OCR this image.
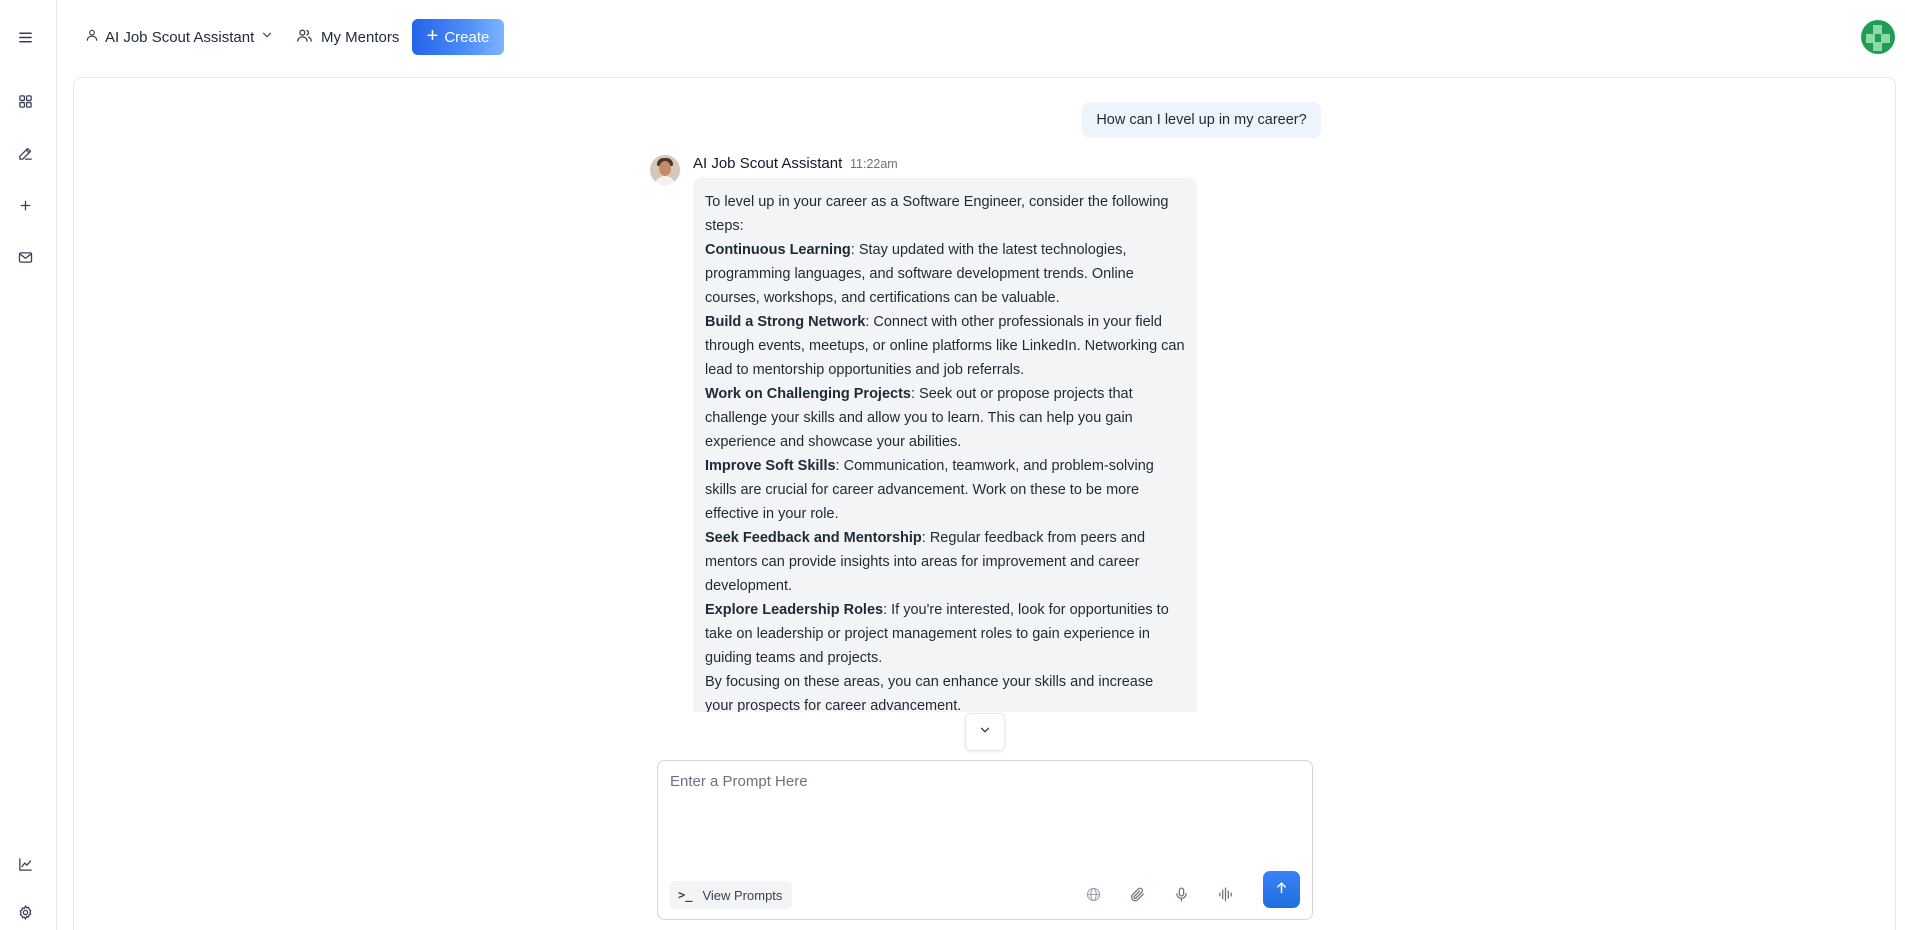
AI Job Scout Assistant	My Mentors + Create
How can I level up in my career?
AI Job Scout Assistant 11:22am

To level up in your career as a Software Engineer, consider the following steps:

Continuous Learning: Stay updated with the latest technologies, programming languages, and software development trends. Online courses, workshops, and certifications can be valuable.

Build a Strong Network: Connect with other professionals in your field through events, meetups, or online platforms like LinkedIn. Networking can lead to mentorship opportunities and job referrals.

Work on Challenging Projects: Seek out or propose projects that challenge your skills and allow you to learn. This can help you gain experience and showcase your abilities.

Improve Soft Skills: Communication, teamwork, and problem-solving skills are crucial for career advancement. Work on these to be more effective in your role.

Seek Feedback and Mentorship: Regular feedback from peers and mentors can provide insights into areas for improvement and career development.

Explore Leadership Roles: If you're interested, look for opportunities to take on leadership or project management roles to gain experience in guiding teams and projects.

By focusing on these areas, you can enhance your skills and increase your prospects for career advancement.

Enter a Prompt Here
>_ View Prompts
